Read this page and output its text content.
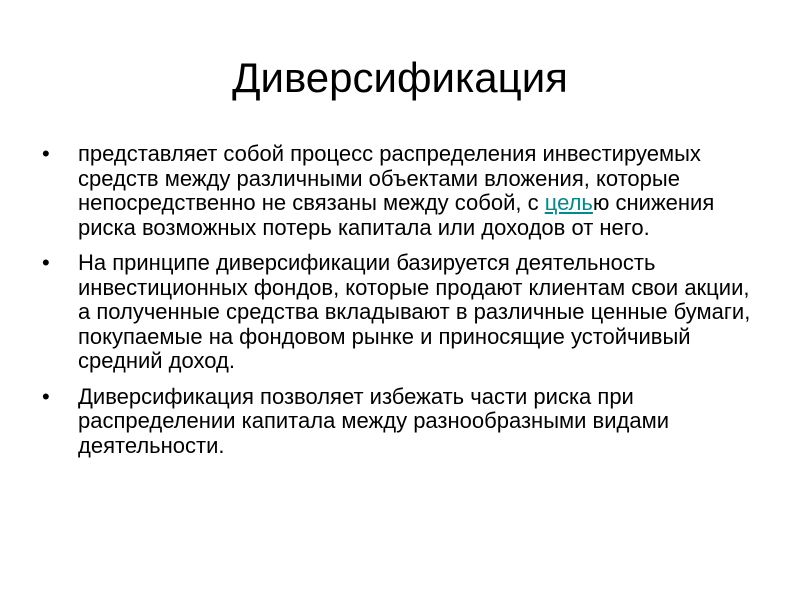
Диверсификация
• представляет собой процесс распределения инвестируемых средств между различными объектами вложения, которые непосредственно не связаны между собой, с целью снижения риска возможных потерь капитала или доходов от него.
• На принципе диверсификации базируется деятельность инвестиционных фондов, которые продают клиентам свои акции, а полученные средства вкладывают в различные ценные бумаги, покупаемые на фондовом рынке и приносящие устойчивый средний доход.
• Диверсификация позволяет избежать части риска при распределении капитала между разнообразными видами деятельности.
